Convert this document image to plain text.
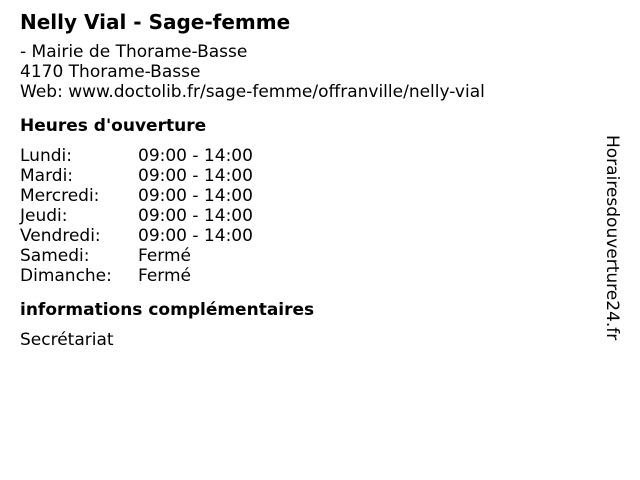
Nelly Vial - Sage-femme
- Mairie de Thorame-Basse
4170 Thorame-Basse
Web: www.doctolib.fr/sage-femme/offranville/nelly-vial
Heures d'ouverture
Lundi:	09:00 - 14:00
Mardi:	09:00 - 14:00
Mercredi:	09:00 - 14:00
Jeudi:	09:00 - 14:00
Vendredi:	09:00 - 14:00
Samedi:	Fermé
Dimanche:	Fermé
informations complémentaires
Secrétariat	Horairesdouverture24.fr
